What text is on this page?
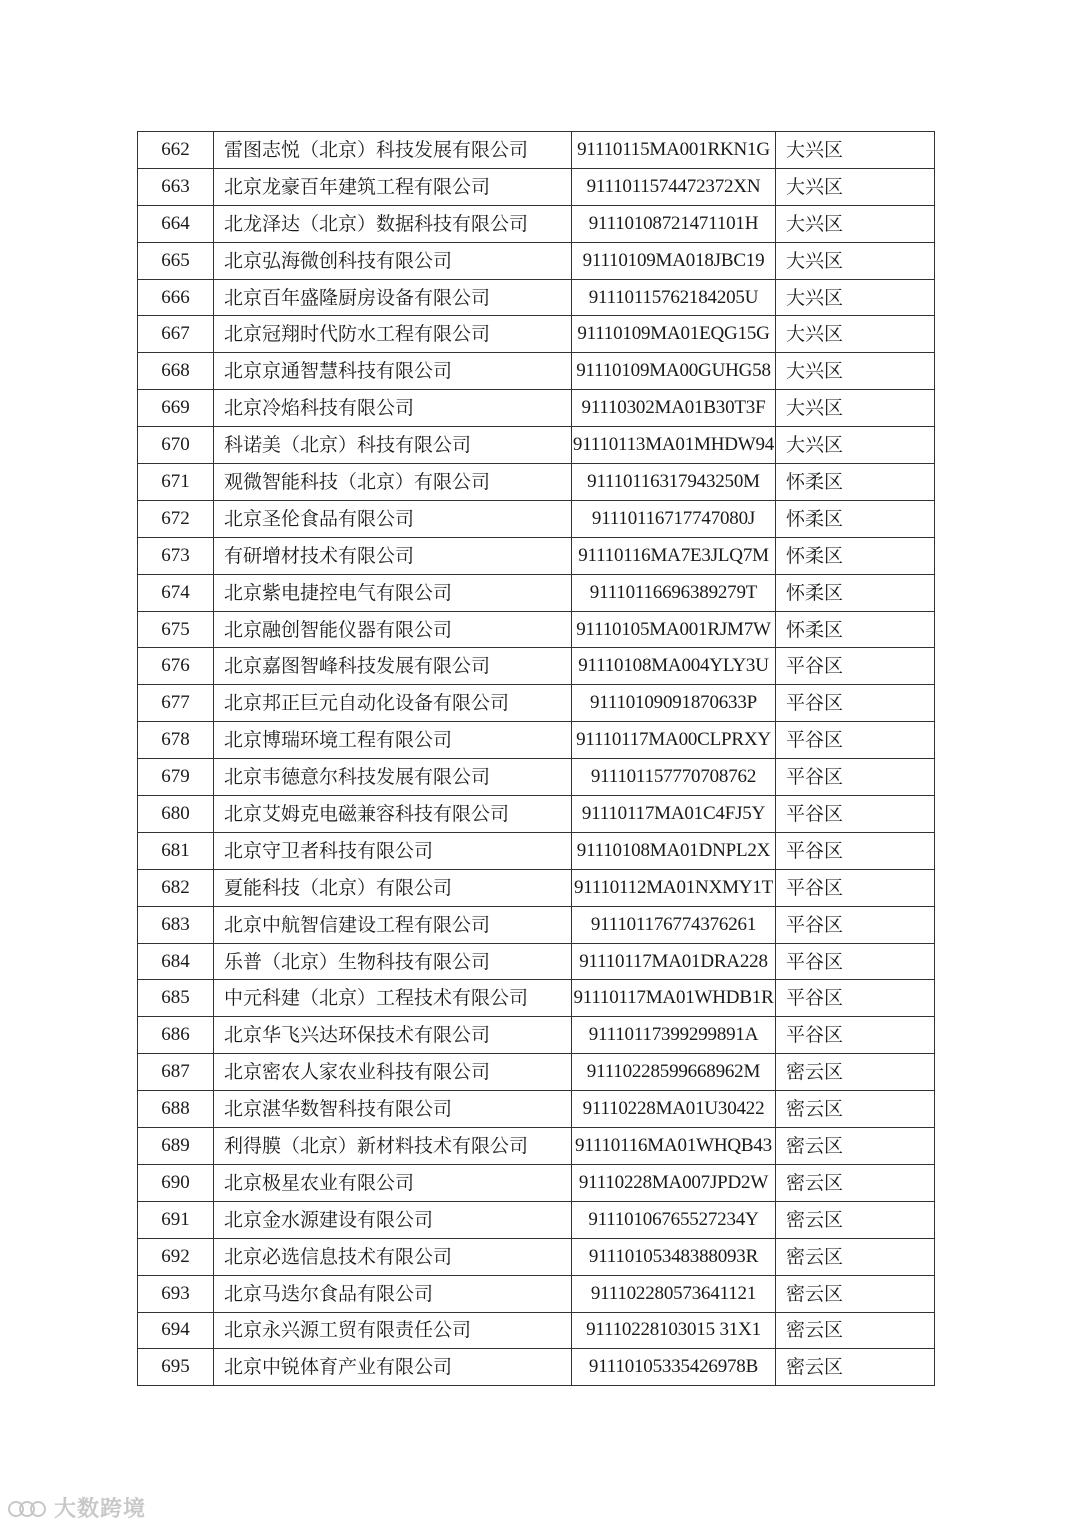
662	雷图志悦（北京）科技发展有限公司	91110115MA001RKN1G	大兴区
663	北京龙豪百年建筑工程有限公司	9111011574472372XN	大兴区
664	北龙泽达（北京）数据科技有限公司	91110108721471101H	大兴区
665	北京弘海微创科技有限公司	91110109MA018JBC19	大兴区
666	北京百年盛隆厨房设备有限公司	91110115762184205U	大兴区
667	北京冠翔时代防水工程有限公司	91110109MA01EQG15G	大兴区
668	北京京通智慧科技有限公司	91110109MA00GUHG58	大兴区
669	北京冷焰科技有限公司	91110302MA01B30T3F	大兴区
670	科诺美（北京）科技有限公司	91110113MA01MHDW94	大兴区
671	观微智能科技（北京）有限公司	91110116317943250M	怀柔区
672	北京圣伦食品有限公司	91110116717747080J	怀柔区
673	有研增材技术有限公司	91110116MA7E3JLQ7M	怀柔区
674	北京紫电捷控电气有限公司	91110116696389279T	怀柔区
675	北京融创智能仪器有限公司	91110105MA001RJM7W	怀柔区
676	北京嘉图智峰科技发展有限公司	91110108MA004YLY3U	平谷区
677	北京邦正巨元自动化设备有限公司	91110109091870633P	平谷区
678	北京博瑞环境工程有限公司	91110117MA00CLPRXY	平谷区
679	北京韦德意尔科技发展有限公司	911101157770708762	平谷区
680	北京艾姆克电磁兼容科技有限公司	91110117MA01C4FJ5Y	平谷区
681	北京守卫者科技有限公司	91110108MA01DNPL2X	平谷区
682	夏能科技（北京）有限公司	91110112MA01NXMY1T	平谷区
683	北京中航智信建设工程有限公司	911101176774376261	平谷区
684	乐普（北京）生物科技有限公司	91110117MA01DRA228	平谷区
685	中元科建（北京）工程技术有限公司	91110117MA01WHDB1R	平谷区
686	北京华飞兴达环保技术有限公司	91110117399299891A	平谷区
687	北京密农人家农业科技有限公司	91110228599668962M	密云区
688	北京湛华数智科技有限公司	91110228MA01U30422	密云区
689	利得膜（北京）新材料技术有限公司	91110116MA01WHQB43	密云区
690	北京极星农业有限公司	91110228MA007JPD2W	密云区
691	北京金水源建设有限公司	91110106765527234Y	密云区
692	北京必选信息技术有限公司	91110105348388093R	密云区
693	北京马迭尔食品有限公司	911102280573641121	密云区
694	北京永兴源工贸有限责任公司	91110228103015 31X1	密云区
695	北京中锐体育产业有限公司	91110105335426978B	密云区
大数跨境
